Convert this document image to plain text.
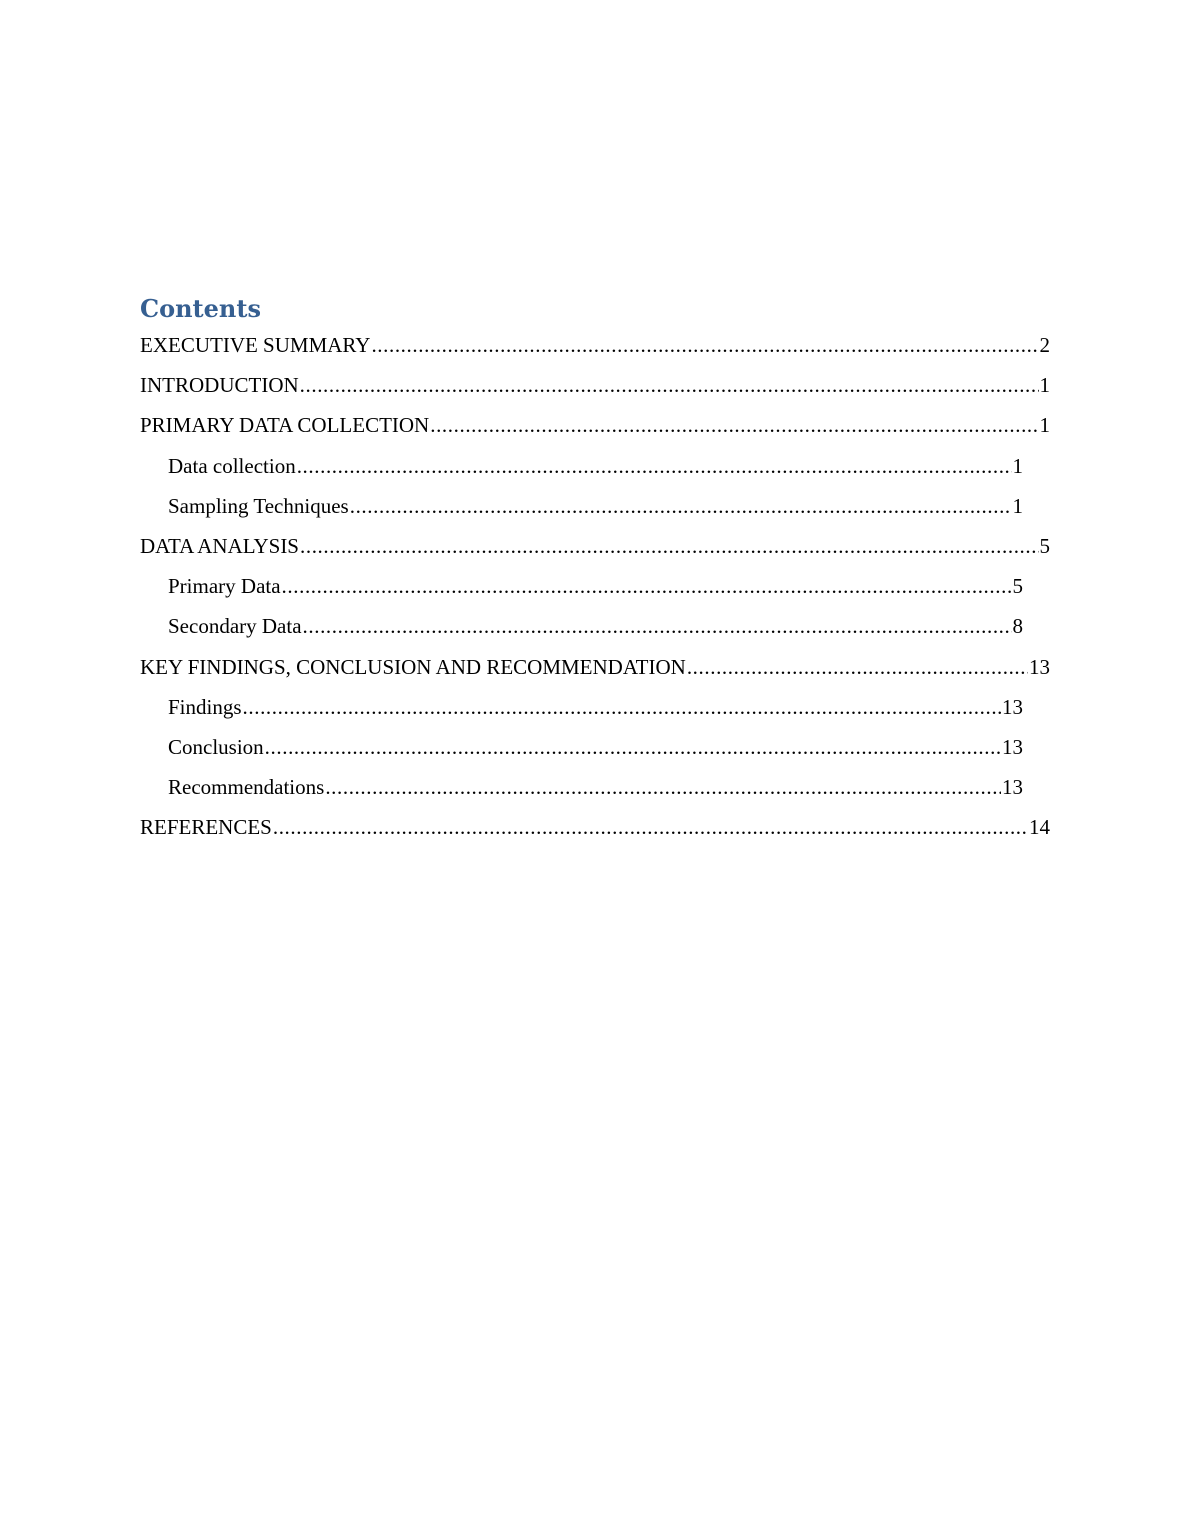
Contents
EXECUTIVE SUMMARY .....	2
INTRODUCTION .....	1
PRIMARY DATA COLLECTION .....	1
Data collection .....	1
Sampling Techniques .....	1
DATA ANALYSIS .....	5
Primary Data .....	5
Secondary Data .....	8
KEY FINDINGS, CONCLUSION AND RECOMMENDATION .....	13
Findings .....	13
Conclusion .....	13
Recommendations .....	13
REFERENCES .....	14
